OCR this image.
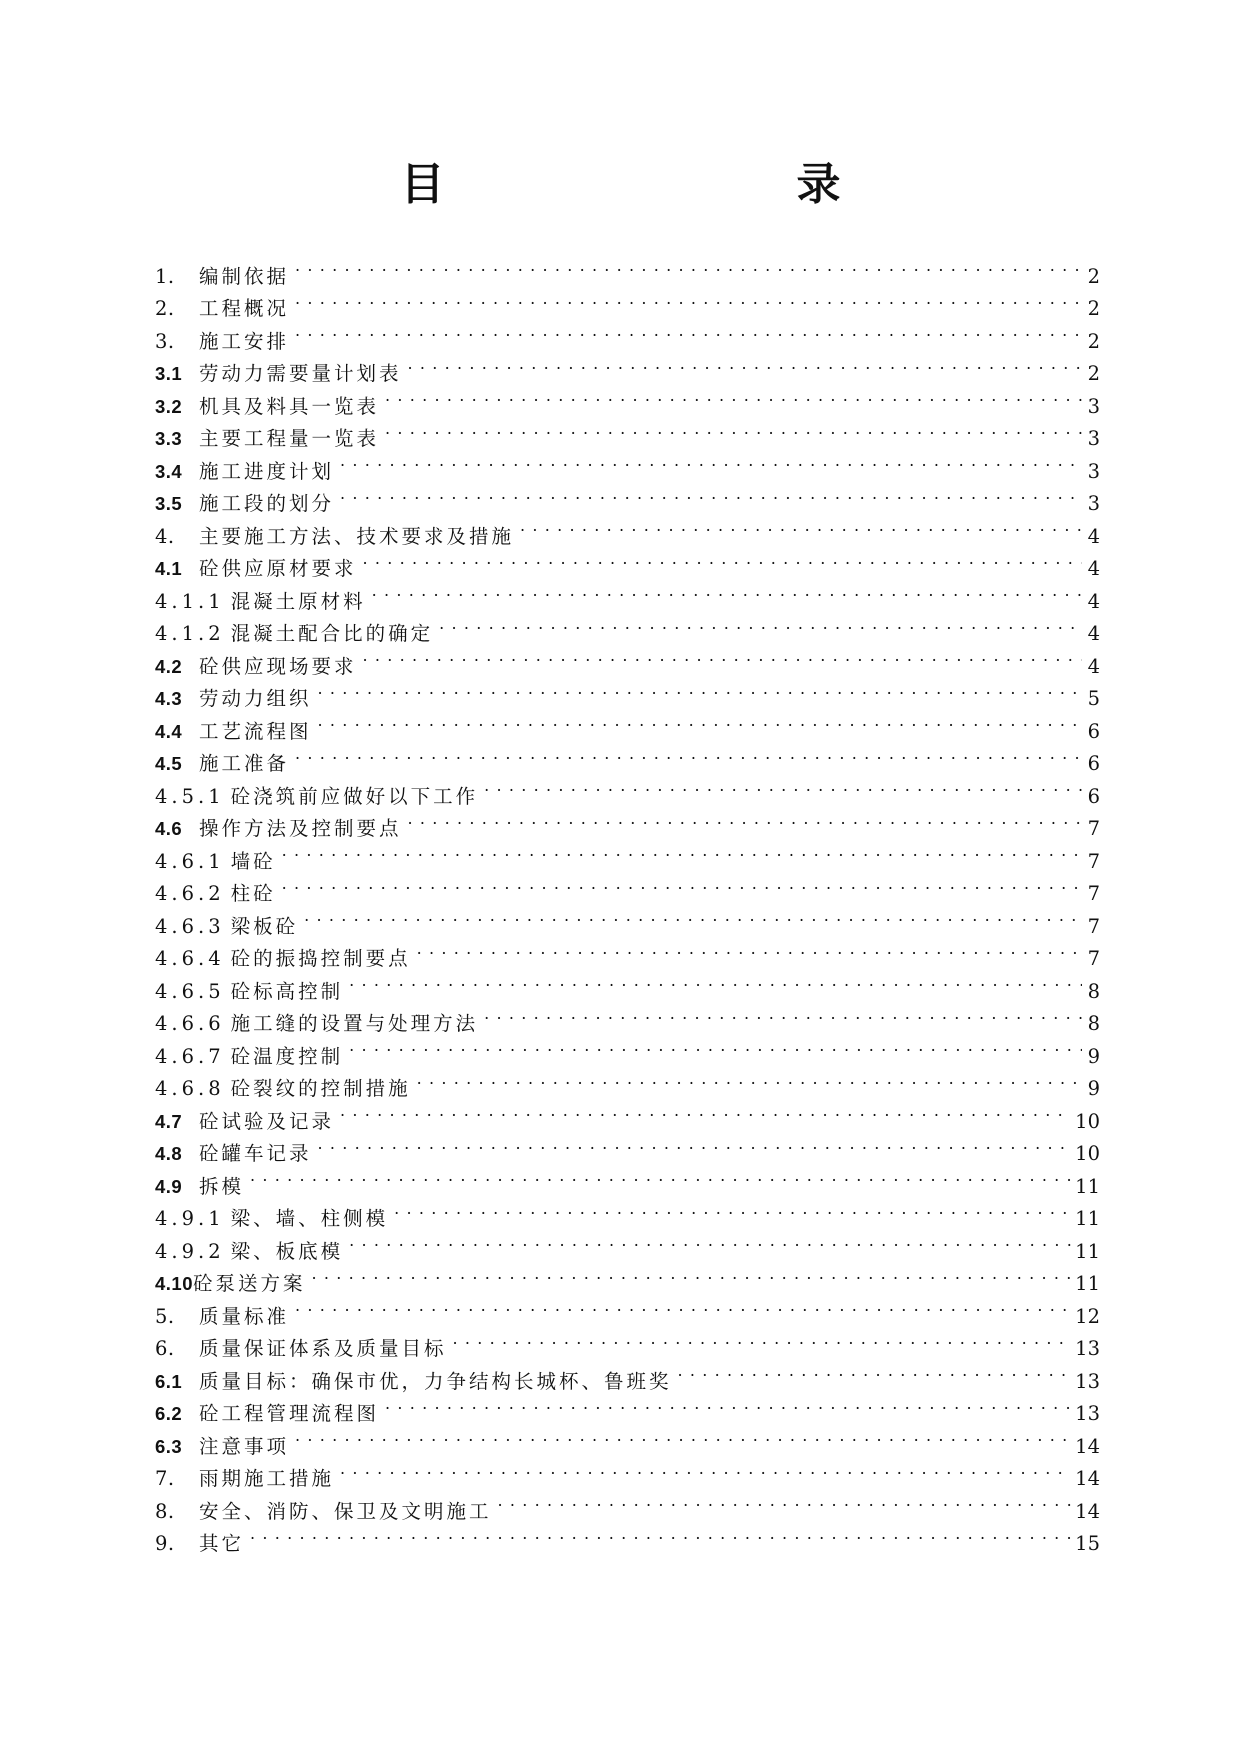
目　　录
1.	编制依据 . . .	2
2.	工程概况 . . .	2
3.	施工安排 . . .	2
3.1 劳动力需要量计划表 . . .	2
3.2 机具及料具一览表 . . .	3
3.3 主要工程量一览表 . . .	3
3.4 施工进度计划 . . .	3
3.5 施工段的划分 . . .	3
4.	主要施工方法、技术要求及措施 . . .	4
4.1 砼供应原材要求 . . .	4
4.1.1 混凝土原材料 . . .	4
4.1.2 混凝土配合比的确定 . . .	4
4.2 砼供应现场要求 . . .	4
4.3 劳动力组织 . . .	5
4.4 工艺流程图 . . .	6
4.5 施工准备 . . .	6
4.5.1 砼浇筑前应做好以下工作 . . .	6
4.6 操作方法及控制要点 . . .	7
4.6.1 墙砼 . . .	7
4.6.2 柱砼 . . .	7
4.6.3 梁板砼 . . .	7
4.6.4 砼的振捣控制要点 . . .	7
4.6.5 砼标高控制 . . .	8
4.6.6 施工缝的设置与处理方法 . . .	8
4.6.7 砼温度控制 . . .	9
4.6.8 砼裂纹的控制措施 . . .	9
4.7 砼试验及记录 . . .	10
4.8 砼罐车记录 . . .	10
4.9 拆模 . . .	11
4.9.1 梁、墙、柱侧模 . . .	11
4.9.2 梁、板底模 . . .	11
4.10 砼泵送方案 . . .	11
5.	质量标准 . . .	12
6.	质量保证体系及质量目标 . . .	13
6.1 质量目标：确保市优，力争结构长城杯、鲁班奖 . . .	13
6.2 砼工程管理流程图 . . .	13
6.3 注意事项 . . .	14
7.	雨期施工措施 . . .	14
8.	安全、消防、保卫及文明施工 . . .	14
9.	其它 . . .	15
